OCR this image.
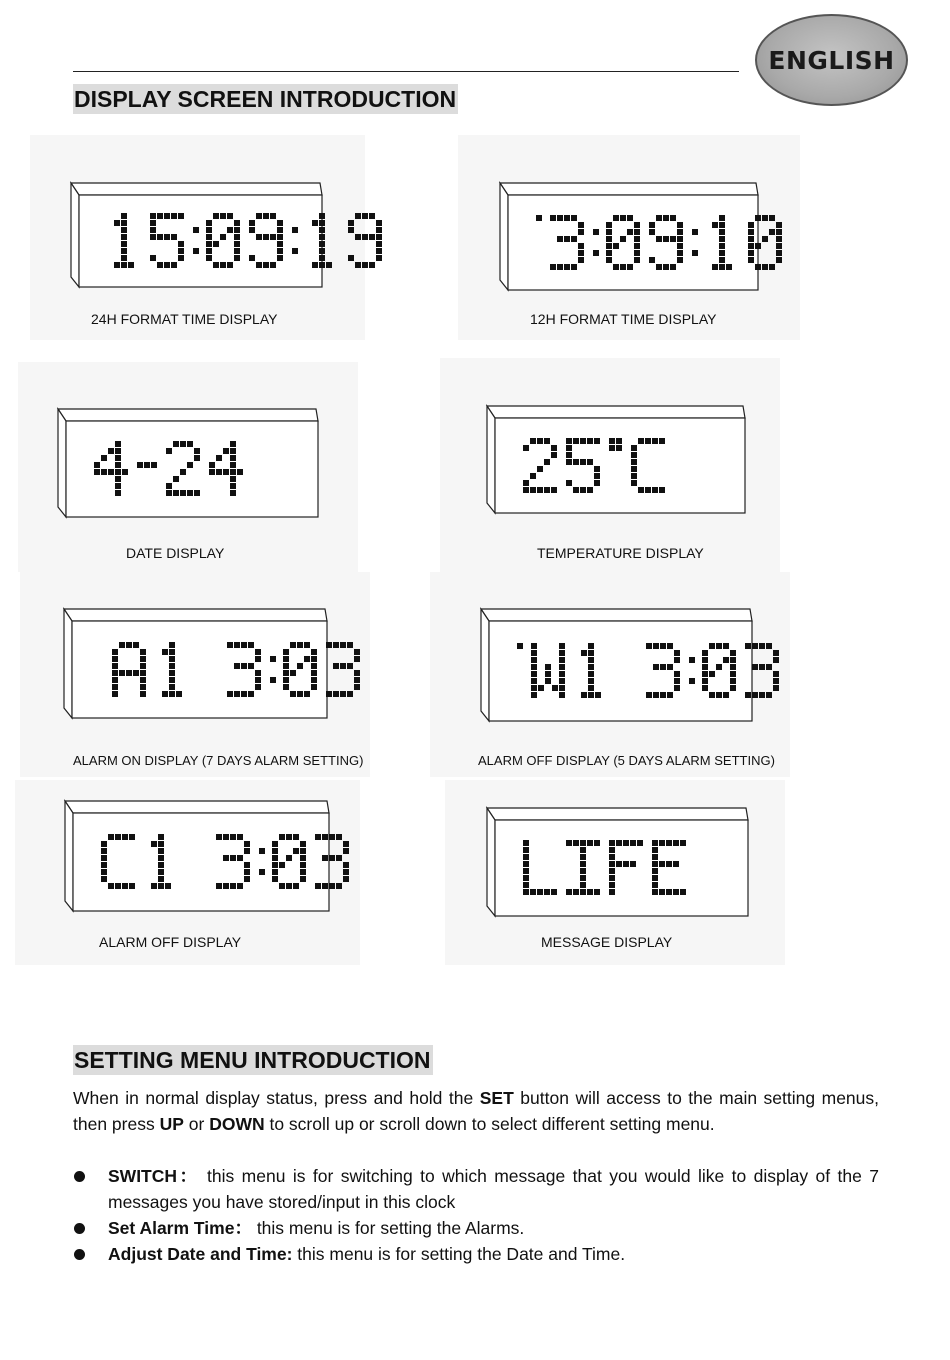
ENGLISH
DISPLAY SCREEN INTRODUCTION
24H FORMAT TIME DISPLAY	12H FORMAT TIME DISPLAY
DATE DISPLAY	TEMPERATURE DISPLAY
ALARM ON DISPLAY (7 DAYS ALARM SETTING)	ALARM OFF DISPLAY (5 DAYS ALARM SETTING)
ALARM OFF DISPLAY	MESSAGE DISPLAY
SETTING MENU INTRODUCTION

When in normal display status, press and hold the SET button will access to the main setting menus, then press UP or DOWN to scroll up or scroll down to select different setting menu.

SWITCH： this menu is for switching to which message that you would like to display of the 7 messages you have stored/input in this clock
Set Alarm Time： this menu is for setting the Alarms.
Adjust Date and Time: this menu is for setting the Date and Time.
